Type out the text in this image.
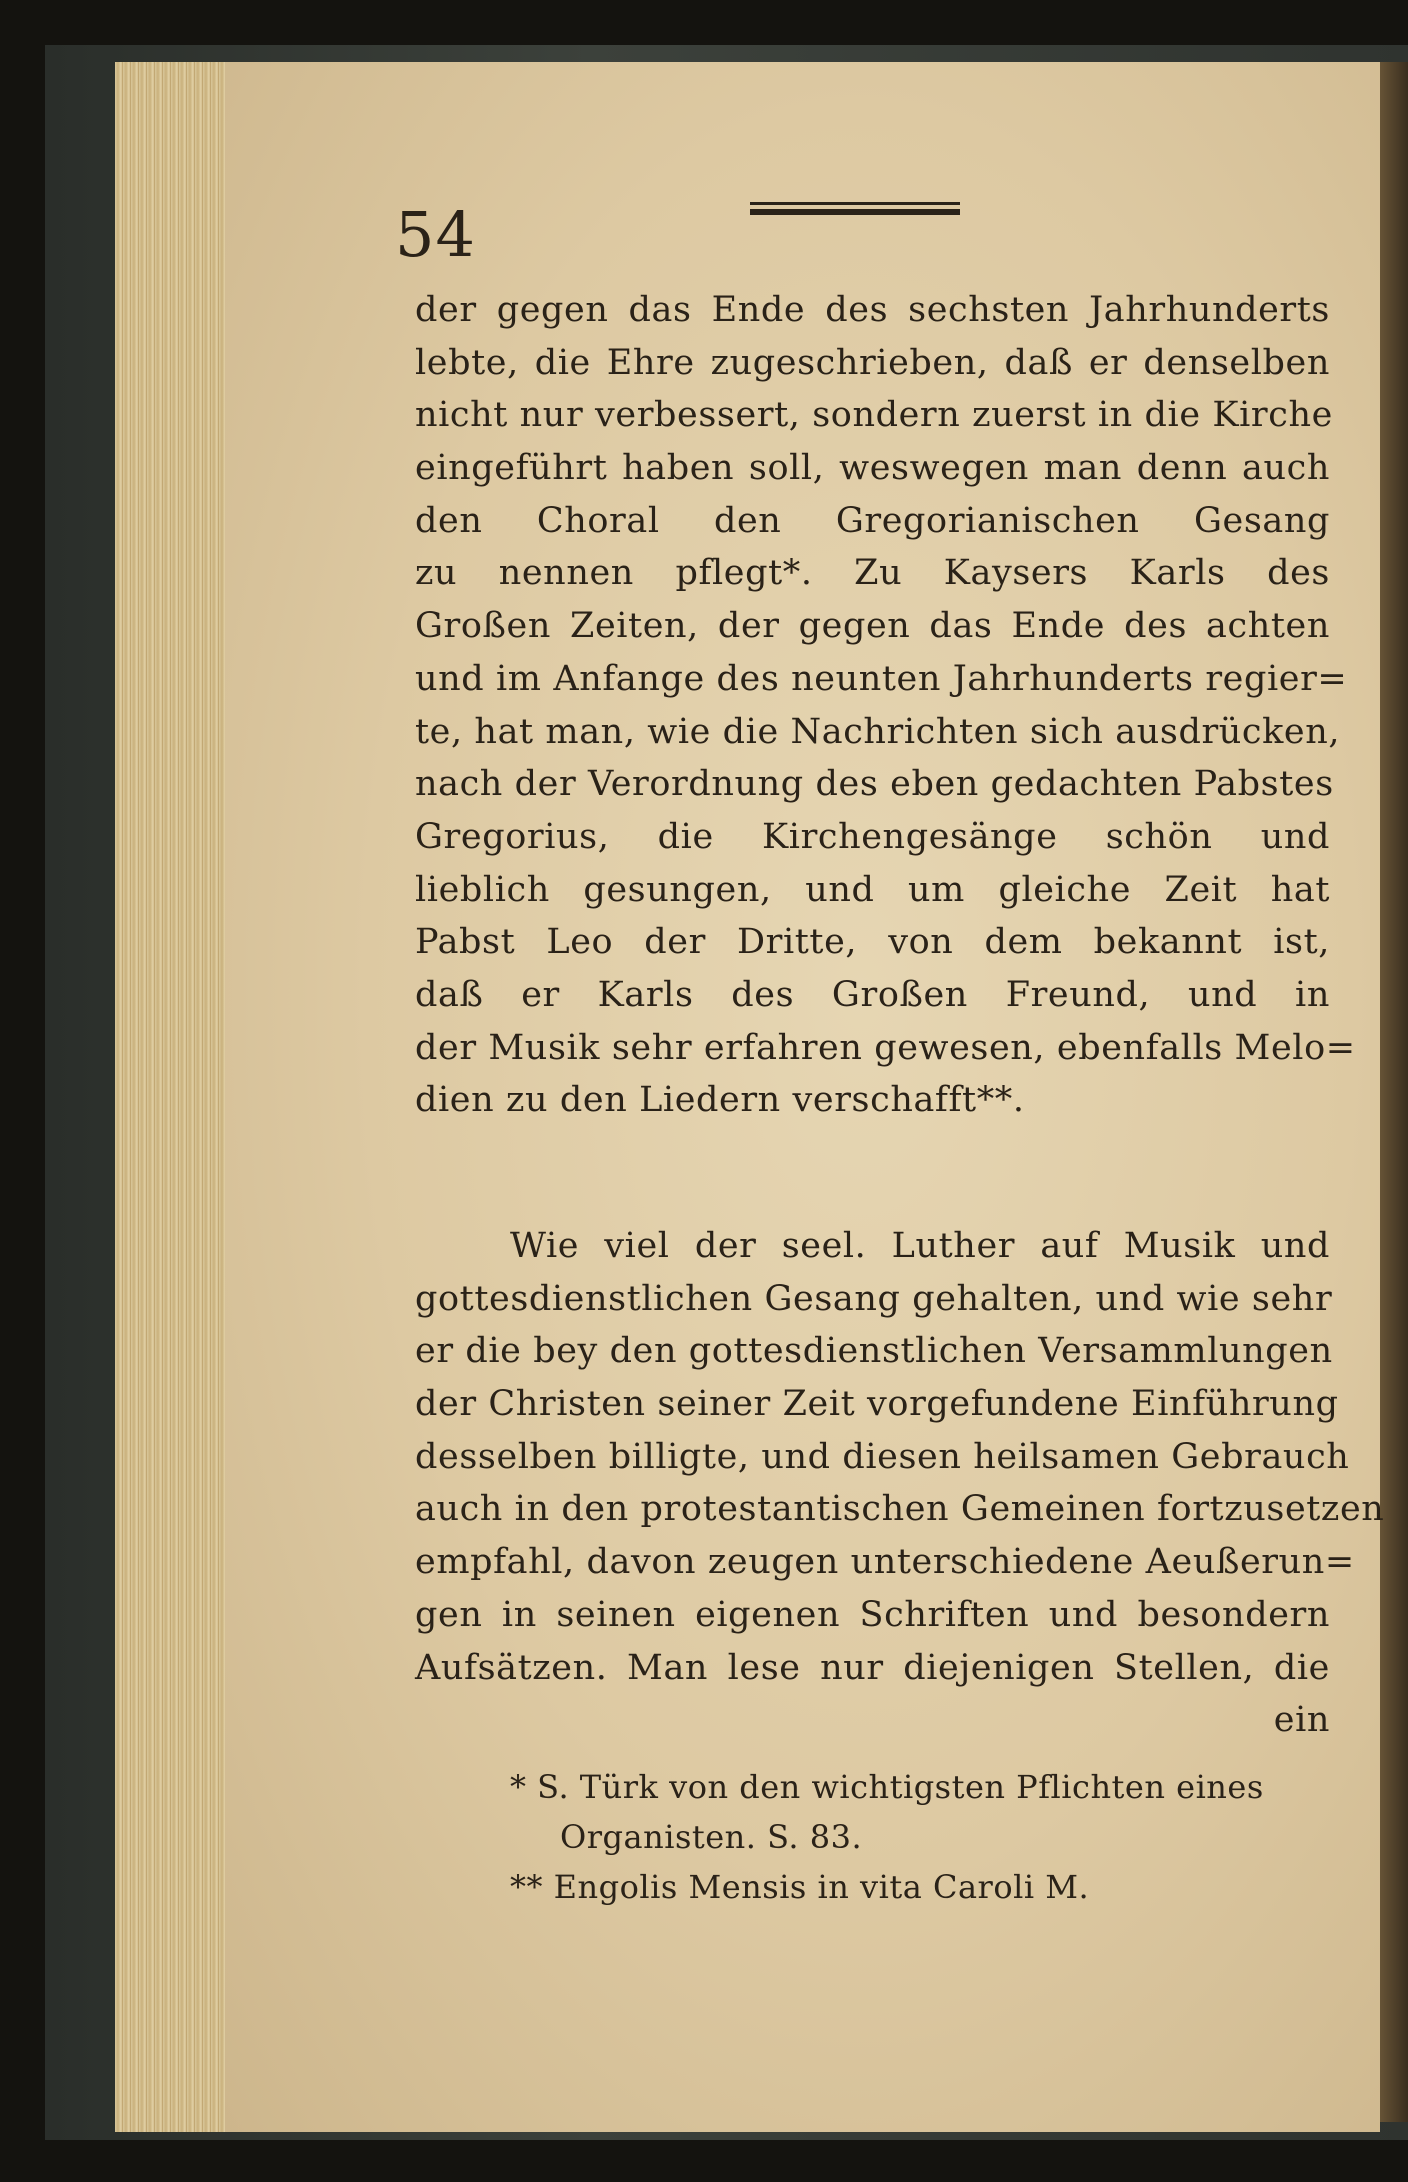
54
der gegen das Ende des sechsten Jahrhunderts
lebte, die Ehre zugeschrieben, daß er denselben
nicht nur verbessert, sondern zuerst in die Kirche
eingeführt haben soll, weswegen man denn auch
den Choral den Gregorianischen Gesang
zu nennen pflegt*. Zu Kaysers Karls des
Großen Zeiten, der gegen das Ende des achten
und im Anfange des neunten Jahrhunderts regier=
te, hat man, wie die Nachrichten sich ausdrücken,
nach der Verordnung des eben gedachten Pabstes
Gregorius, die Kirchengesänge schön und
lieblich gesungen, und um gleiche Zeit hat
Pabst Leo der Dritte, von dem bekannt ist,
daß er Karls des Großen Freund, und in
der Musik sehr erfahren gewesen, ebenfalls Melo=
dien zu den Liedern verschafft**.
Wie viel der seel. Luther auf Musik und
gottesdienstlichen Gesang gehalten, und wie sehr
er die bey den gottesdienstlichen Versammlungen
der Christen seiner Zeit vorgefundene Einführung
desselben billigte, und diesen heilsamen Gebrauch
auch in den protestantischen Gemeinen fortzusetzen
empfahl, davon zeugen unterschiedene Aeußerun=
gen in seinen eigenen Schriften und besondern
Aufsätzen. Man lese nur diejenigen Stellen, die
ein
* S. Türk von den wichtigsten Pflichten eines
Organisten. S. 83.
** Engolis Mensis in vita Caroli M.
